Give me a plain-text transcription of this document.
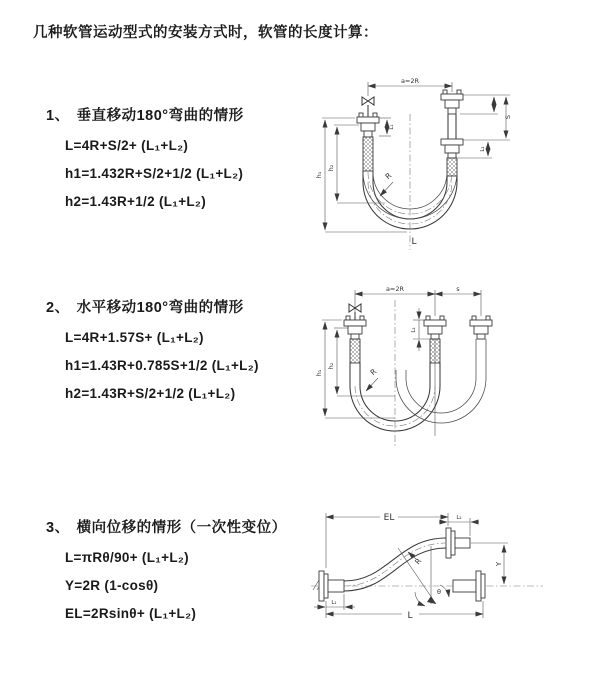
几种软管运动型式的安装方式时，软管的长度计算：
1、 垂直移动180°弯曲的情形
L=4R+S/2+ (L₁+L₂)
h1=1.432R+S/2+1/2 (L₁+L₂)
h2=1.43R+1/2 (L₁+L₂)
2、 水平移动180°弯曲的情形
L=4R+1.57S+ (L₁+L₂)
h1=1.43R+0.785S+1/2 (L₁+L₂)
h2=1.43R+S/2+1/2 (L₁+L₂)
3、 横向位移的情形（一次性变位）
L=πRθ/90+ (L₁+L₂)
Y=2R (1-cosθ)
EL=2Rsinθ+ (L₁+L₂)
a=2R
R
h₁
h₂
L
S
L₂
L₁
a=2R	s
R
h₁
h₂
L₂
θ
R
EL	L₂
Y
L
L₁
